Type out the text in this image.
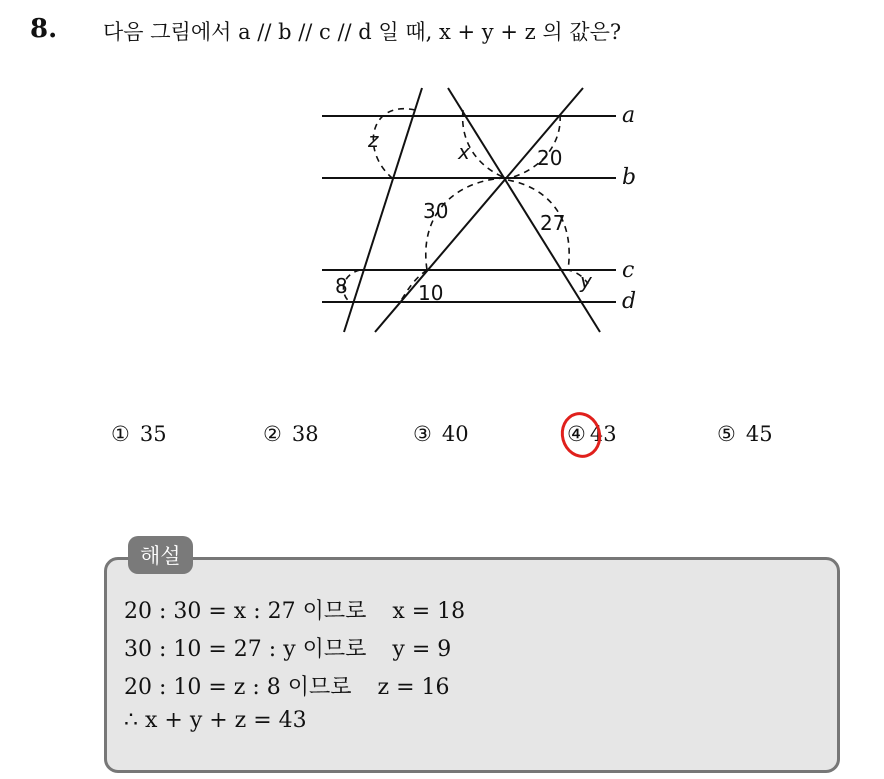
8. 다음 그림에서 a // b // c // d 일 때, x + y + z 의 값은?
a
b
c
d
z	x	20
30	27
8	10	y
① 35	② 38	③ 40	④ 43	⑤ 45
해설
20 : 30 = x : 27 이므로 x = 18
30 : 10 = 27 : y 이므로 y = 9
20 : 10 = z : 8 이므로 z = 16
∴ x + y + z = 43
